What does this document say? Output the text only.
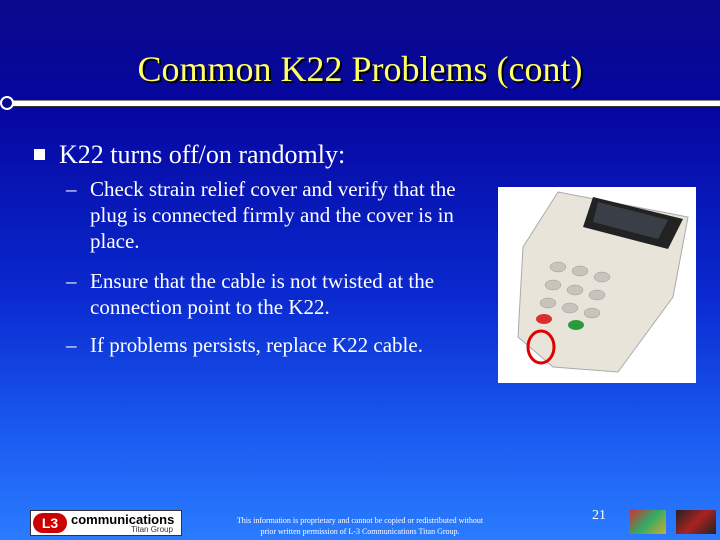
Common K22 Problems (cont)
K22 turns off/on randomly:
– Check strain relief cover and verify that the plug is connected firmly and the cover is in place.
– Ensure that the cable is not twisted at the connection point to the K22.
– If problems persists, replace K22 cable.
L3 communications
Titan Group
This information is proprietary and cannot be copied or redistributed without prior written permission of L-3 Communications Titan Group.
21
